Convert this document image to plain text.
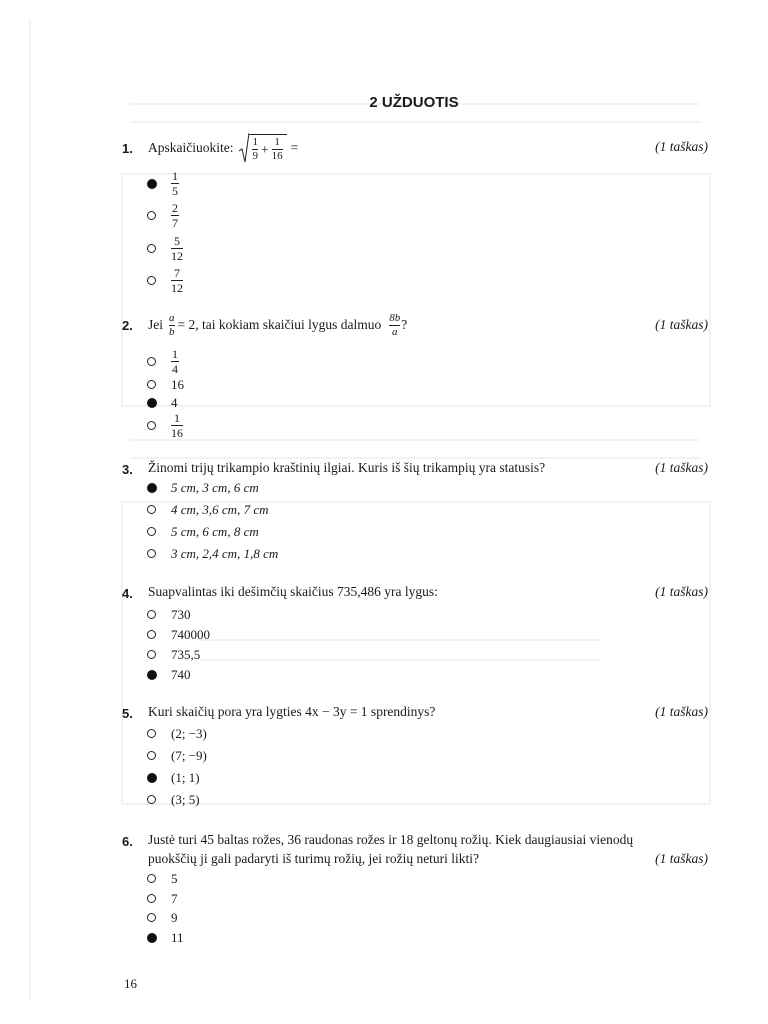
2 UŽDUOTIS
1. Apskaičiuokite: 1
9 + 1
16
=	(1 taškas)
1
5
2
7
5
12
7
12
2. Jei a
b = 2, tai kokiam skaičiui lygus dalmuo 8b
a ?	(1 taškas)
1
4
16
4
1
16
3. Žinomi trijų trikampio kraštinių ilgiai. Kuris iš šių trikampių yra statusis?	(1 taškas)
5 cm, 3 cm, 6 cm
4 cm, 3,6 cm, 7 cm
5 cm, 6 cm, 8 cm
3 cm, 2,4 cm, 1,8 cm
4. Suapvalintas iki dešimčių skaičius 735,486 yra lygus:	(1 taškas)
730
740000
735,5
740
5. Kuri skaičių pora yra lygties 4x − 3y = 1 sprendinys?	(1 taškas)
(2; −3)
(7; −9)
(1; 1)
(3; 5)
6. Justė turi 45 baltas rožes, 36 raudonas rožes ir 18 geltonų rožių. Kiek daugiausiai vienodų
puokščių ji gali padaryti iš turimų rožių, jei rožių neturi likti?	(1 taškas)
5
7
9
11
16
